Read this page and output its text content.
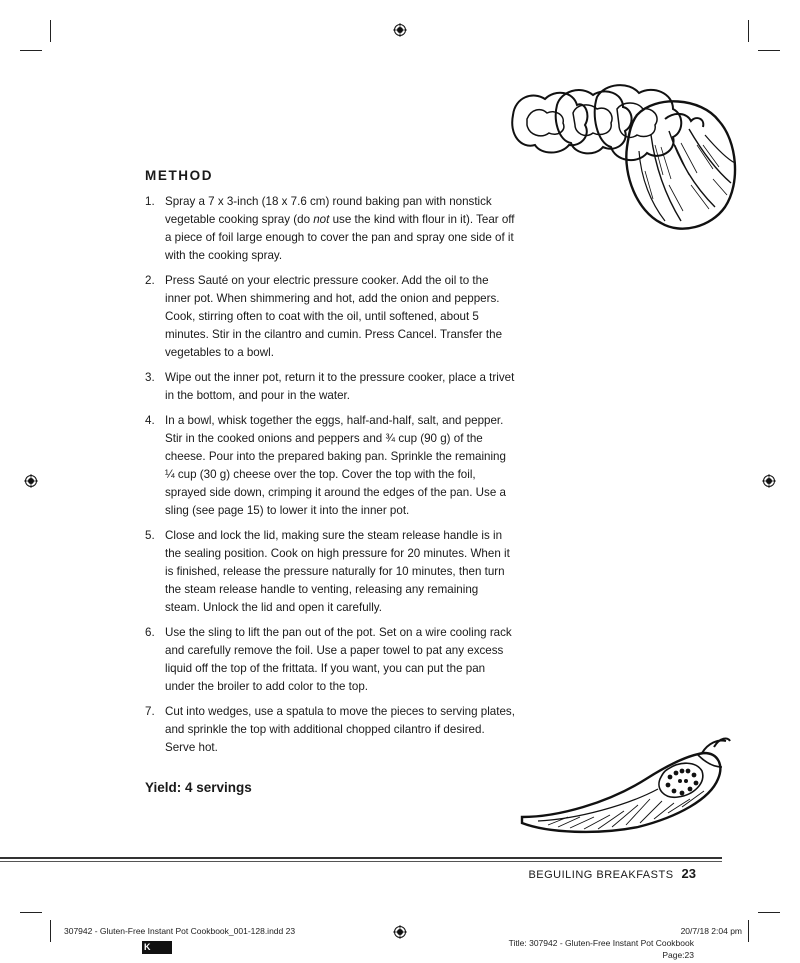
METHOD
1. Spray a 7 x 3-inch (18 x 7.6 cm) round baking pan with nonstick vegetable cooking spray (do not use the kind with flour in it). Tear off a piece of foil large enough to cover the pan and spray one side of it with the cooking spray.
2. Press Sauté on your electric pressure cooker. Add the oil to the inner pot. When shimmering and hot, add the onion and peppers. Cook, stirring often to coat with the oil, until softened, about 5 minutes. Stir in the cilantro and cumin. Press Cancel. Transfer the vegetables to a bowl.
3. Wipe out the inner pot, return it to the pressure cooker, place a trivet in the bottom, and pour in the water.
4. In a bowl, whisk together the eggs, half-and-half, salt, and pepper. Stir in the cooked onions and peppers and ¾ cup (90 g) of the cheese. Pour into the prepared baking pan. Sprinkle the remaining ¼ cup (30 g) cheese over the top. Cover the top with the foil, sprayed side down, crimping it around the edges of the pan. Use a sling (see page 15) to lower it into the inner pot.
5. Close and lock the lid, making sure the steam release handle is in the sealing position. Cook on high pressure for 20 minutes. When it is finished, release the pressure naturally for 10 minutes, then turn the steam release handle to venting, releasing any remaining steam. Unlock the lid and open it carefully.
6. Use the sling to lift the pan out of the pot. Set on a wire cooling rack and carefully remove the foil. Use a paper towel to pat any excess liquid off the top of the frittata. If you want, you can put the pan under the broiler to add color to the top.
7. Cut into wedges, use a spatula to move the pieces to serving plates, and sprinkle the top with additional chopped cilantro if desired. Serve hot.
Yield: 4 servings
BEGUILING BREAKFASTS 23
307942 - Gluten-Free Instant Pot Cookbook_001-128.indd 23	20/7/18 2:04 pm
Title: 307942 - Gluten-Free Instant Pot Cookbook
Page:23
K
